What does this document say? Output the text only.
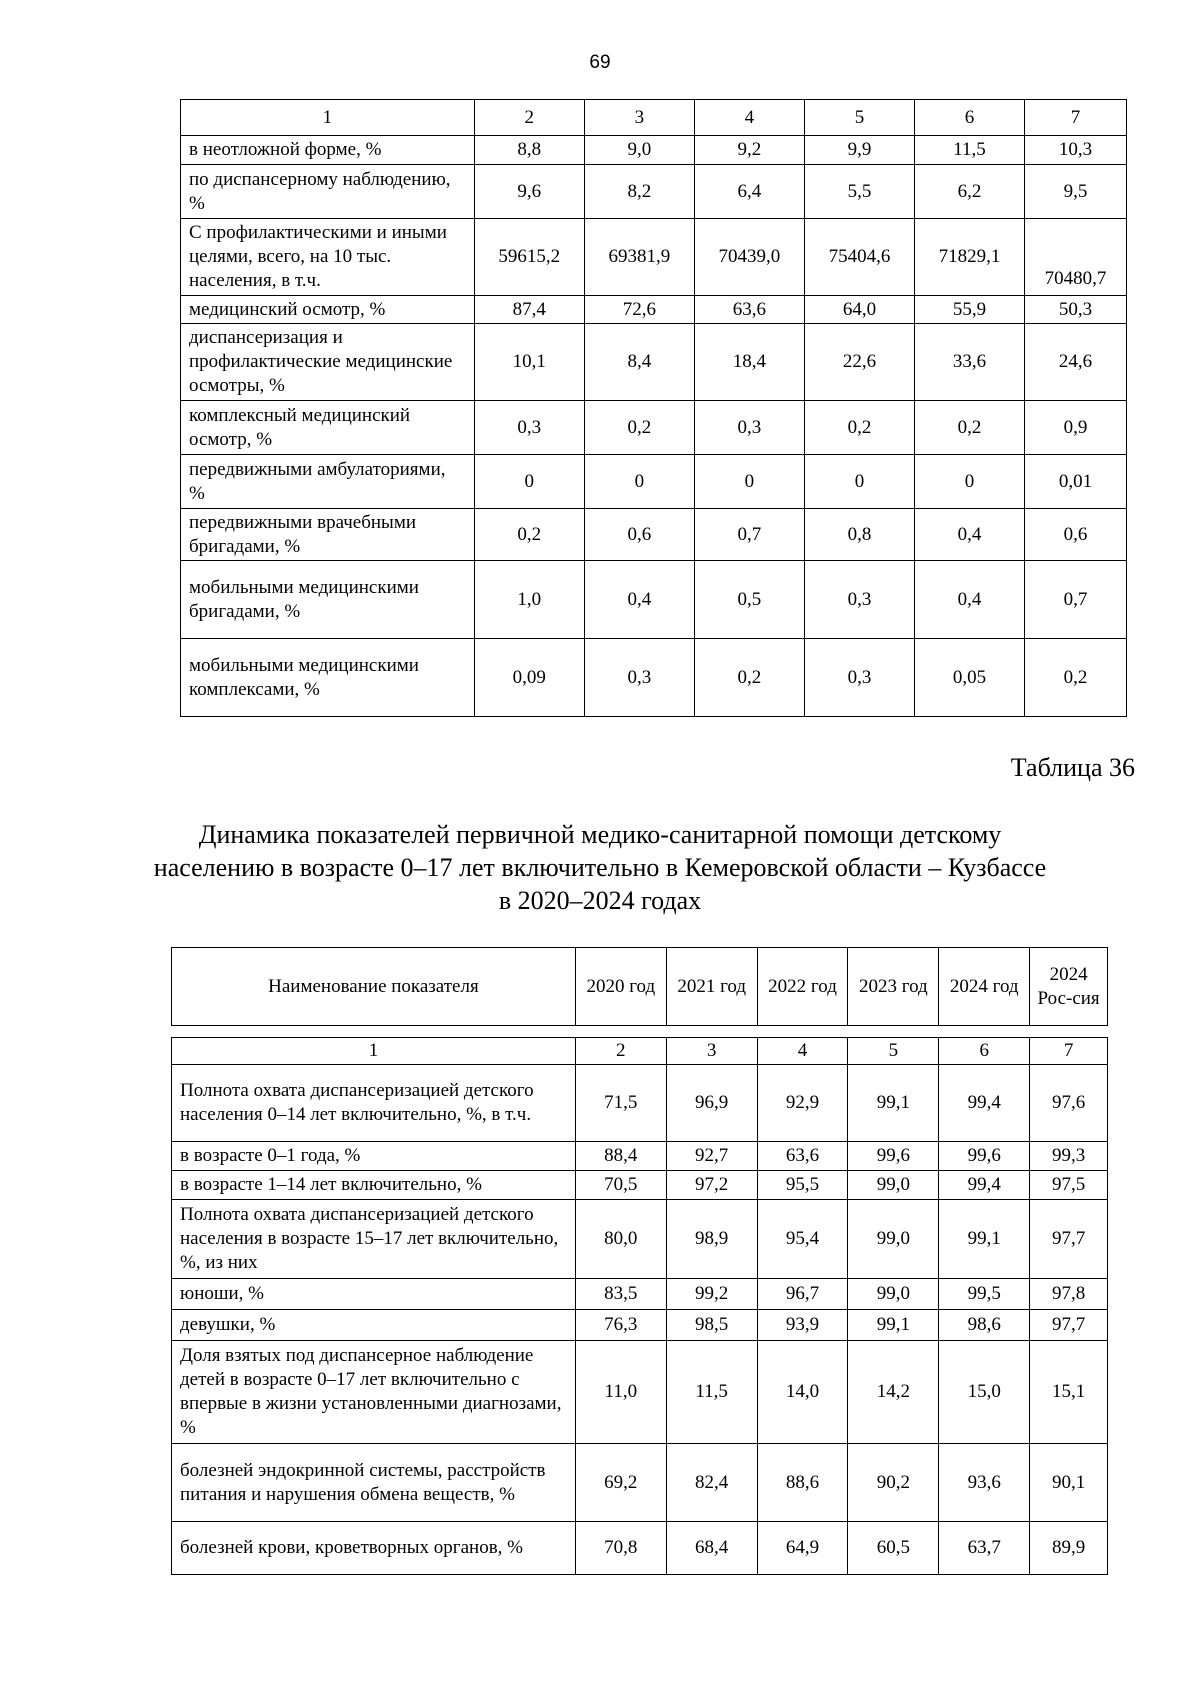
69
1	2	3	4	5	6	7
в неотложной форме, %	8,8	9,0	9,2	9,9	11,5	10,3
по диспансерному наблюдению, %	9,6	8,2	6,4	5,5	6,2	9,5
С профилактическими и иными целями, всего, на 10 тыс. населения, в т.ч.	59615,2	69381,9	70439,0	75404,6	71829,1	70480,7
медицинский осмотр, %	87,4	72,6	63,6	64,0	55,9	50,3
диспансеризация и профилактические медицинские осмотры, %	10,1	8,4	18,4	22,6	33,6	24,6
комплексный медицинский осмотр, %	0,3	0,2	0,3	0,2	0,2	0,9
передвижными амбулаториями, %	0	0	0	0	0	0,01
передвижными врачебными бригадами, %	0,2	0,6	0,7	0,8	0,4	0,6
мобильными медицинскими бригадами, %	1,0	0,4	0,5	0,3	0,4	0,7
мобильными медицинскими комплексами, %	0,09	0,3	0,2	0,3	0,05	0,2
Таблица 36
Динамика показателей первичной медико-санитарной помощи детскому населению в возрасте 0–17 лет включительно в Кемеровской области – Кузбассе в 2020–2024 годах
Наименование показателя	2020 год	2021 год	2022 год	2023 год	2024 год	2024 Рос-сия
1	2	3	4	5	6	7
Полнота охвата диспансеризацией детского населения 0–14 лет включительно, %, в т.ч.	71,5	96,9	92,9	99,1	99,4	97,6
в возрасте 0–1 года, %	88,4	92,7	63,6	99,6	99,6	99,3
в возрасте 1–14 лет включительно, %	70,5	97,2	95,5	99,0	99,4	97,5
Полнота охвата диспансеризацией детского населения в возрасте 15–17 лет включительно, %, из них	80,0	98,9	95,4	99,0	99,1	97,7
юноши, %	83,5	99,2	96,7	99,0	99,5	97,8
девушки, %	76,3	98,5	93,9	99,1	98,6	97,7
Доля взятых под диспансерное наблюдение детей в возрасте 0–17 лет включительно с впервые в жизни установленными диагнозами, %	11,0	11,5	14,0	14,2	15,0	15,1
болезней эндокринной системы, расстройств питания и нарушения обмена веществ, %	69,2	82,4	88,6	90,2	93,6	90,1
болезней крови, кроветворных органов, %	70,8	68,4	64,9	60,5	63,7	89,9
